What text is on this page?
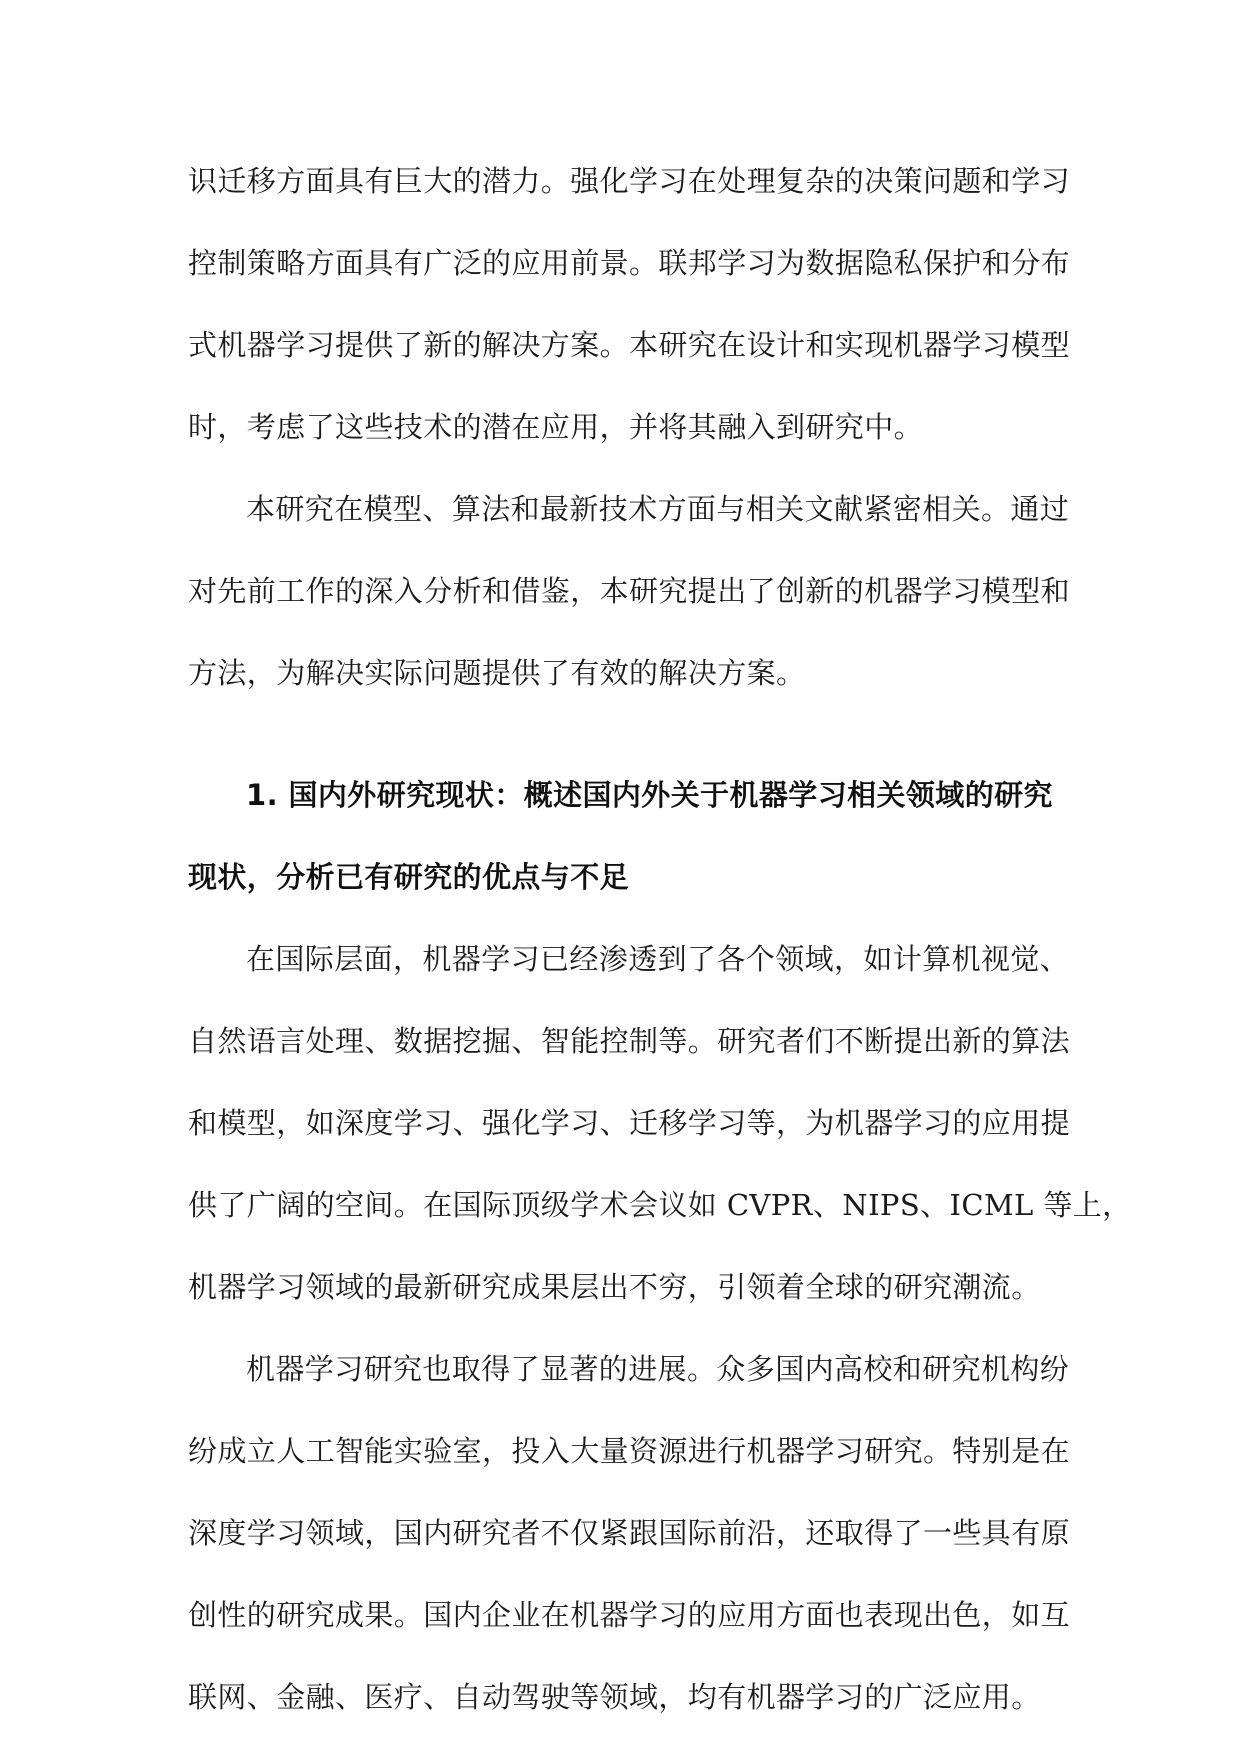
识迁移方面具有巨大的潜力。强化学习在处理复杂的决策问题和学习
控制策略方面具有广泛的应用前景。联邦学习为数据隐私保护和分布
式机器学习提供了新的解决方案。本研究在设计和实现机器学习模型
时，考虑了这些技术的潜在应用，并将其融入到研究中。
本研究在模型、算法和最新技术方面与相关文献紧密相关。通过
对先前工作的深入分析和借鉴，本研究提出了创新的机器学习模型和
方法，为解决实际问题提供了有效的解决方案。
1. 国内外研究现状：概述国内外关于机器学习相关领域的研究
现状，分析已有研究的优点与不足
在国际层面，机器学习已经渗透到了各个领域，如计算机视觉、
自然语言处理、数据挖掘、智能控制等。研究者们不断提出新的算法
和模型，如深度学习、强化学习、迁移学习等，为机器学习的应用提
供了广阔的空间。在国际顶级学术会议如 CVPR、NIPS、ICML 等上，
机器学习领域的最新研究成果层出不穷，引领着全球的研究潮流。
机器学习研究也取得了显著的进展。众多国内高校和研究机构纷
纷成立人工智能实验室，投入大量资源进行机器学习研究。特别是在
深度学习领域，国内研究者不仅紧跟国际前沿，还取得了一些具有原
创性的研究成果。国内企业在机器学习的应用方面也表现出色，如互
联网、金融、医疗、自动驾驶等领域，均有机器学习的广泛应用。
